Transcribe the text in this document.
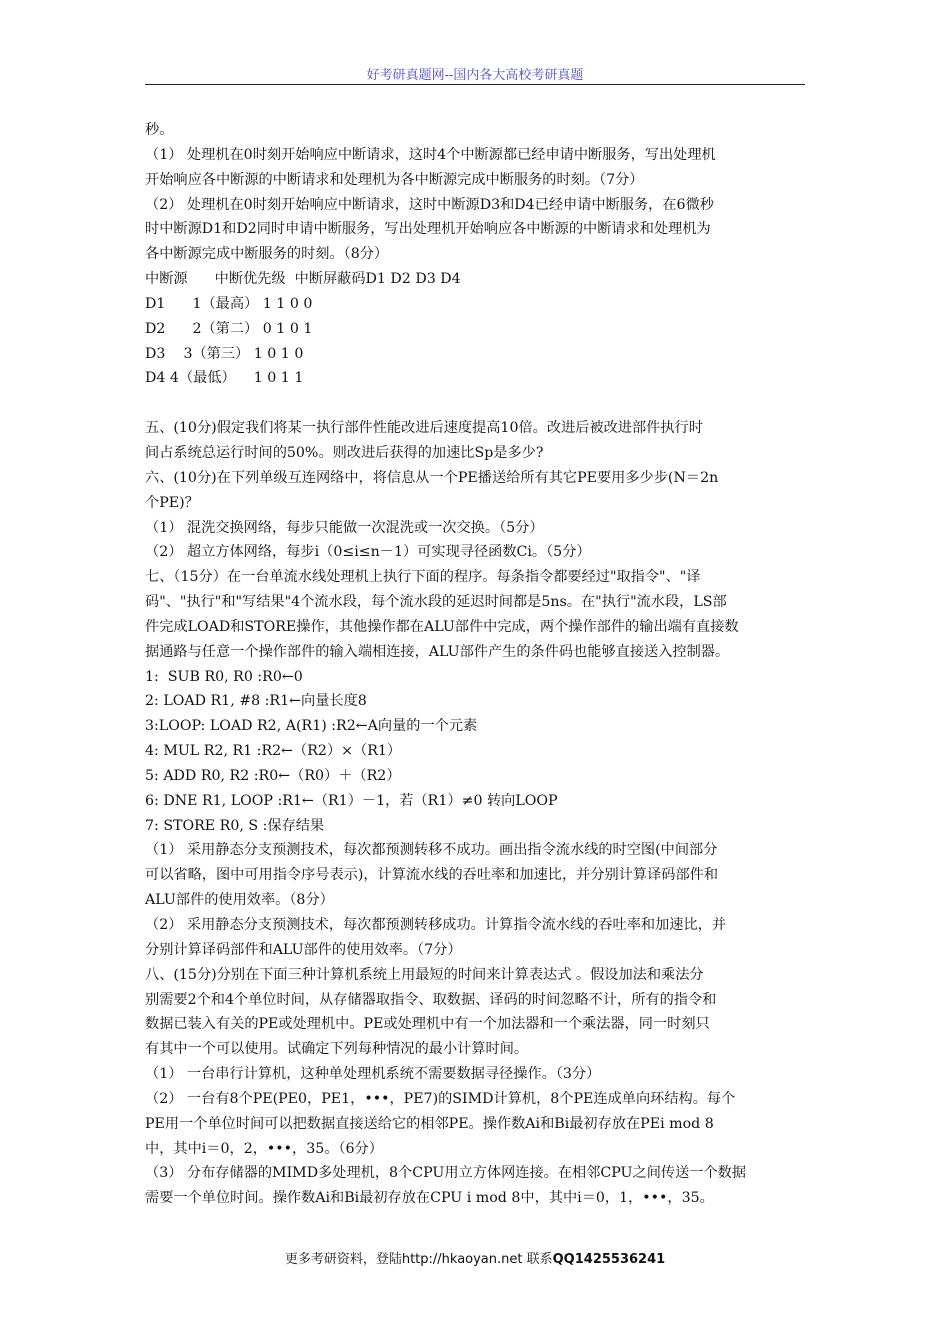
好考研真题网--国内各大高校考研真题
秒。
（1） 处理机在0时刻开始响应中断请求，这时4个中断源都已经申请中断服务，写出处理机
开始响应各中断源的中断请求和处理机为各中断源完成中断服务的时刻。（7分）
（2） 处理机在0时刻开始响应中断请求，这时中断源D3和D4已经申请中断服务，在6微秒
时中断源D1和D2同时申请中断服务，写出处理机开始响应各中断源的中断请求和处理机为
各中断源完成中断服务的时刻。（8分）
中断源      中断优先级  中断屏蔽码D1 D2 D3 D4
D1      1（最高） 1 1 0 0
D2      2（第二） 0 1 0 1
D3    3（第三） 1 0 1 0
D4 4（最低）    1 0 1 1
五、(10分)假定我们将某一执行部件性能改进后速度提高10倍。改进后被改进部件执行时
间占系统总运行时间的50%。则改进后获得的加速比Sp是多少?
六、(10分)在下列单级互连网络中，将信息从一个PE播送给所有其它PE要用多少步(N＝2n
个PE)？
（1） 混洗交换网络，每步只能做一次混洗或一次交换。（5分）
（2） 超立方体网络，每步i（0≤i≤n－1）可实现寻径函数Ci。（5分）
七、（15分）在一台单流水线处理机上执行下面的程序。每条指令都要经过"取指令"、"译
码"、"执行"和"写结果"4个流水段，每个流水段的延迟时间都是5ns。在"执行"流水段，LS部
件完成LOAD和STORE操作，其他操作都在ALU部件中完成，两个操作部件的输出端有直接数
据通路与任意一个操作部件的输入端相连接，ALU部件产生的条件码也能够直接送入控制器。
1:  SUB R0, R0 :R0←0
2: LOAD R1, #8 :R1←向量长度8
3:LOOP: LOAD R2, A(R1) :R2←A向量的一个元素
4: MUL R2, R1 :R2←（R2）×（R1）
5: ADD R0, R2 :R0←（R0）＋（R2）
6: DNE R1, LOOP :R1←（R1）－1，若（R1）≠0 转向LOOP
7: STORE R0, S :保存结果
（1） 采用静态分支预测技术，每次都预测转移不成功。画出指令流水线的时空图(中间部分
可以省略，图中可用指令序号表示)，计算流水线的吞吐率和加速比，并分别计算译码部件和
ALU部件的使用效率。（8分）
（2） 采用静态分支预测技术，每次都预测转移成功。计算指令流水线的吞吐率和加速比，并
分别计算译码部件和ALU部件的使用效率。（7分）
八、(15分)分别在下面三种计算机系统上用最短的时间来计算表达式 。假设加法和乘法分
别需要2个和4个单位时间，从存储器取指令、取数据、译码的时间忽略不计，所有的指令和
数据已装入有关的PE或处理机中。PE或处理机中有一个加法器和一个乘法器，同一时刻只
有其中一个可以使用。试确定下列每种情况的最小计算时间。
（1） 一台串行计算机，这种单处理机系统不需要数据寻径操作。（3分）
（2） 一台有8个PE(PE0，PE1，•••，PE7)的SIMD计算机，8个PE连成单向环结构。每个
PE用一个单位时间可以把数据直接送给它的相邻PE。操作数Ai和Bi最初存放在PEi mod 8
中，其中i＝0，2，•••，35。（6分）
（3） 分布存储器的MIMD多处理机，8个CPU用立方体网连接。在相邻CPU之间传送一个数据
需要一个单位时间。操作数Ai和Bi最初存放在CPU i mod 8中，其中i＝0，1，•••，35。
更多考研资料，登陆http://hkaoyan.net 联系QQ1425536241
